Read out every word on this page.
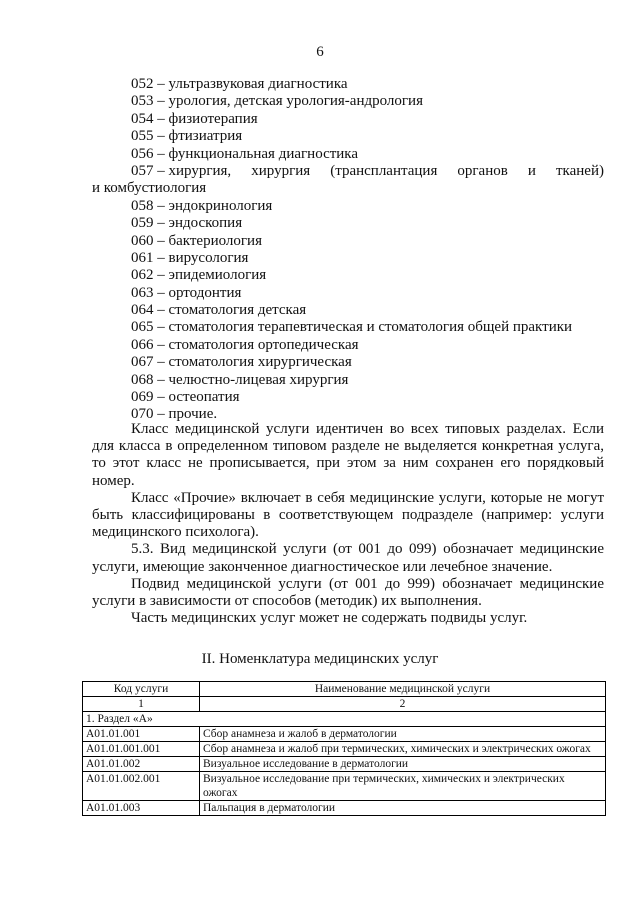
6
052 – ультразвуковая диагностика
053 – урология, детская урология-андрология
054 – физиотерапия
055 – фтизиатрия
056 – функциональная диагностика
057 – хирургия, хирургия (трансплантация органов и тканей)
и комбустиология
058 – эндокринология
059 – эндоскопия
060 – бактериология
061 – вирусология
062 – эпидемиология
063 – ортодонтия
064 – стоматология детская
065 – стоматология терапевтическая и стоматология общей практики
066 – стоматология ортопедическая
067 – стоматология хирургическая
068 – челюстно-лицевая хирургия
069 – остеопатия
070 – прочие.

Класс медицинской услуги идентичен во всех типовых разделах. Если для класса в определенном типовом разделе не выделяется конкретная услуга, то этот класс не прописывается, при этом за ним сохранен его порядковый номер.

Класс «Прочие» включает в себя медицинские услуги, которые не могут быть классифицированы в соответствующем подразделе (например: услуги медицинского психолога).

5.3. Вид медицинской услуги (от 001 до 099) обозначает медицинские услуги, имеющие законченное диагностическое или лечебное значение.

Подвид медицинской услуги (от 001 до 999) обозначает медицинские услуги в зависимости от способов (методик) их выполнения.

Часть медицинских услуг может не содержать подвиды услуг.

II. Номенклатура медицинских услуг
Код услуги	Наименование медицинской услуги
1	2
1. Раздел «А»	
A01.01.001	Сбор анамнеза и жалоб в дерматологии
A01.01.001.001	Сбор анамнеза и жалоб при термических, химических и электрических ожогах
A01.01.002	Визуальное исследование в дерматологии
A01.01.002.001	Визуальное исследование при термических, химических и электрических ожогах
A01.01.003	Пальпация в дерматологии
